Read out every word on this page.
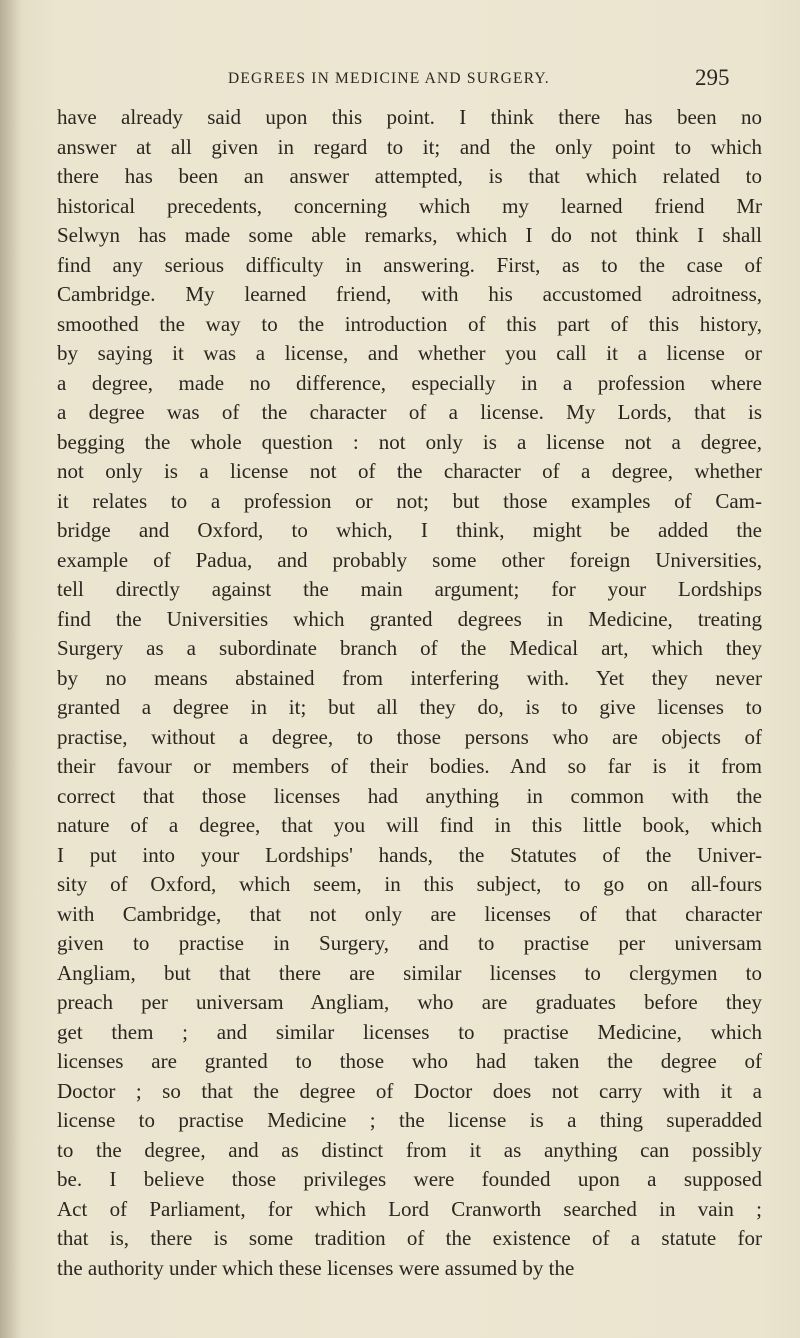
DEGREES IN MEDICINE AND SURGERY.	295
have already said upon this point. I think there has been no
answer at all given in regard to it; and the only point to which
there has been an answer attempted, is that which related to
historical precedents, concerning which my learned friend Mr
Selwyn has made some able remarks, which I do not think I shall
find any serious difficulty in answering. First, as to the case of
Cambridge. My learned friend, with his accustomed adroitness,
smoothed the way to the introduction of this part of this history,
by saying it was a license, and whether you call it a license or
a degree, made no difference, especially in a profession where
a degree was of the character of a license. My Lords, that is
begging the whole question : not only is a license not a degree,
not only is a license not of the character of a degree, whether
it relates to a profession or not; but those examples of Cam-
bridge and Oxford, to which, I think, might be added the
example of Padua, and probably some other foreign Universities,
tell directly against the main argument; for your Lordships
find the Universities which granted degrees in Medicine, treating
Surgery as a subordinate branch of the Medical art, which they
by no means abstained from interfering with. Yet they never
granted a degree in it; but all they do, is to give licenses to
practise, without a degree, to those persons who are objects of
their favour or members of their bodies. And so far is it from
correct that those licenses had anything in common with the
nature of a degree, that you will find in this little book, which
I put into your Lordships' hands, the Statutes of the Univer-
sity of Oxford, which seem, in this subject, to go on all-fours
with Cambridge, that not only are licenses of that character
given to practise in Surgery, and to practise per universam
Angliam, but that there are similar licenses to clergymen to
preach per universam Angliam, who are graduates before they
get them ; and similar licenses to practise Medicine, which
licenses are granted to those who had taken the degree of
Doctor ; so that the degree of Doctor does not carry with it a
license to practise Medicine ; the license is a thing superadded
to the degree, and as distinct from it as anything can possibly
be. I believe those privileges were founded upon a supposed
Act of Parliament, for which Lord Cranworth searched in vain ;
that is, there is some tradition of the existence of a statute for
the authority under which these licenses were assumed by the
